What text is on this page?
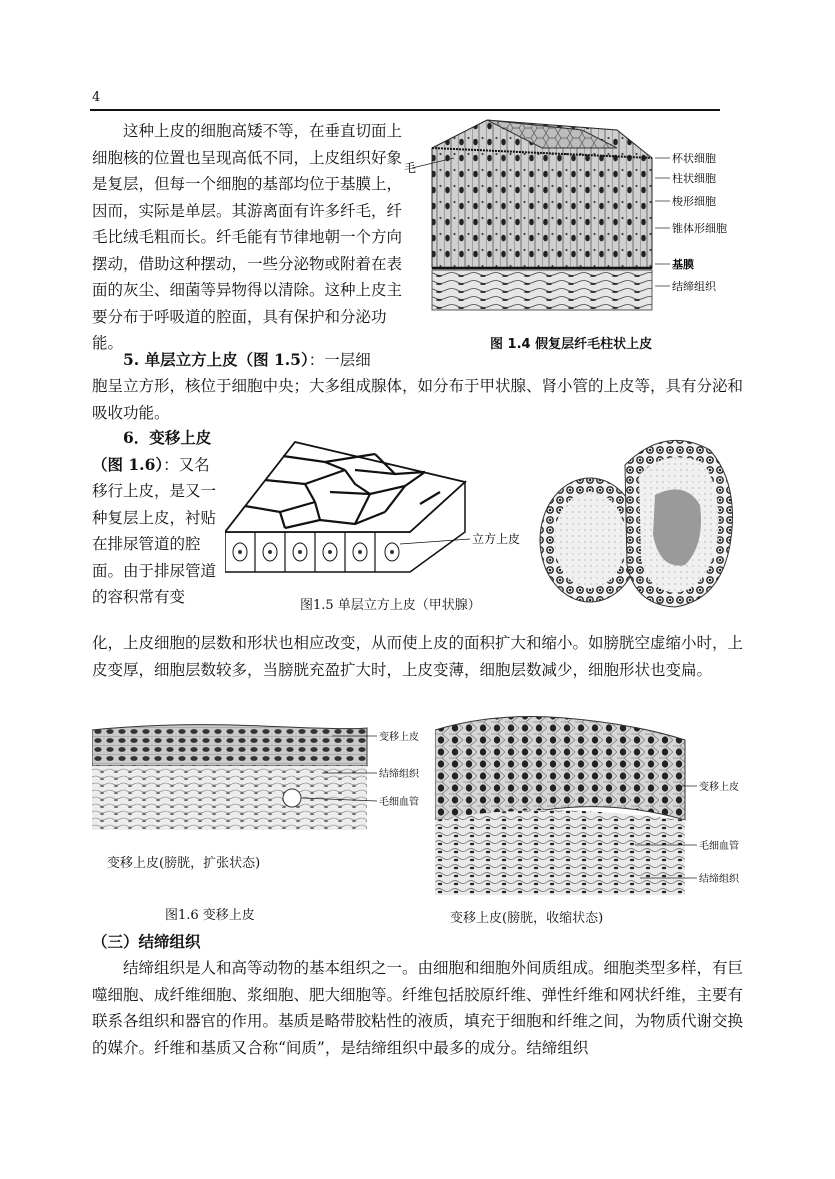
4

这种上皮的细胞高矮不等，在垂直切面上细胞核的位置也呈现高低不同，上皮组织好象是复层，但每一个细胞的基部均位于基膜上，因而，实际是单层。其游离面有许多纤毛，纤毛比绒毛粗而长。纤毛能有节律地朝一个方向摆动，借助这种摆动，一些分泌物或附着在表面的灰尘、细菌等异物得以清除。这种上皮主要分布于呼吸道的腔面，具有保护和分泌功能。

毛
杯状细胞
柱状细胞
梭形细胞
锥体形细胞
基膜
结缔组织
图 1.4 假复层纤毛柱状上皮

5. 单层立方上皮（图 1.5）：一层细

胞呈立方形，核位于细胞中央；大多组成腺体，如分布于甲状腺、肾小管的上皮等，具有分泌和吸收功能。

6．变移上皮（图 1.6）：又名移行上皮，是又一种复层上皮，衬贴在排尿管道的腔面。由于排尿管道的容积常有变

立方上皮
图1.5 单层立方上皮（甲状腺）

化，上皮细胞的层数和形状也相应改变，从而使上皮的面积扩大和缩小。如膀胱空虚缩小时，上皮变厚，细胞层数较多，当膀胱充盈扩大时，上皮变薄，细胞层数减少，细胞形状也变扁。

变移上皮
结缔组织
毛细血管
变移上皮(膀胱，扩张状态)
变移上皮
毛细血管
结缔组织
图1.6 变移上皮	变移上皮(膀胱，收缩状态)
（三）结缔组织

结缔组织是人和高等动物的基本组织之一。由细胞和细胞外间质组成。细胞类型多样，有巨噬细胞、成纤维细胞、浆细胞、肥大细胞等。纤维包括胶原纤维、弹性纤维和网状纤维，主要有联系各组织和器官的作用。基质是略带胶粘性的液质，填充于细胞和纤维之间，为物质代谢交换的媒介。纤维和基质又合称“间质”，是结缔组织中最多的成分。结缔组织
